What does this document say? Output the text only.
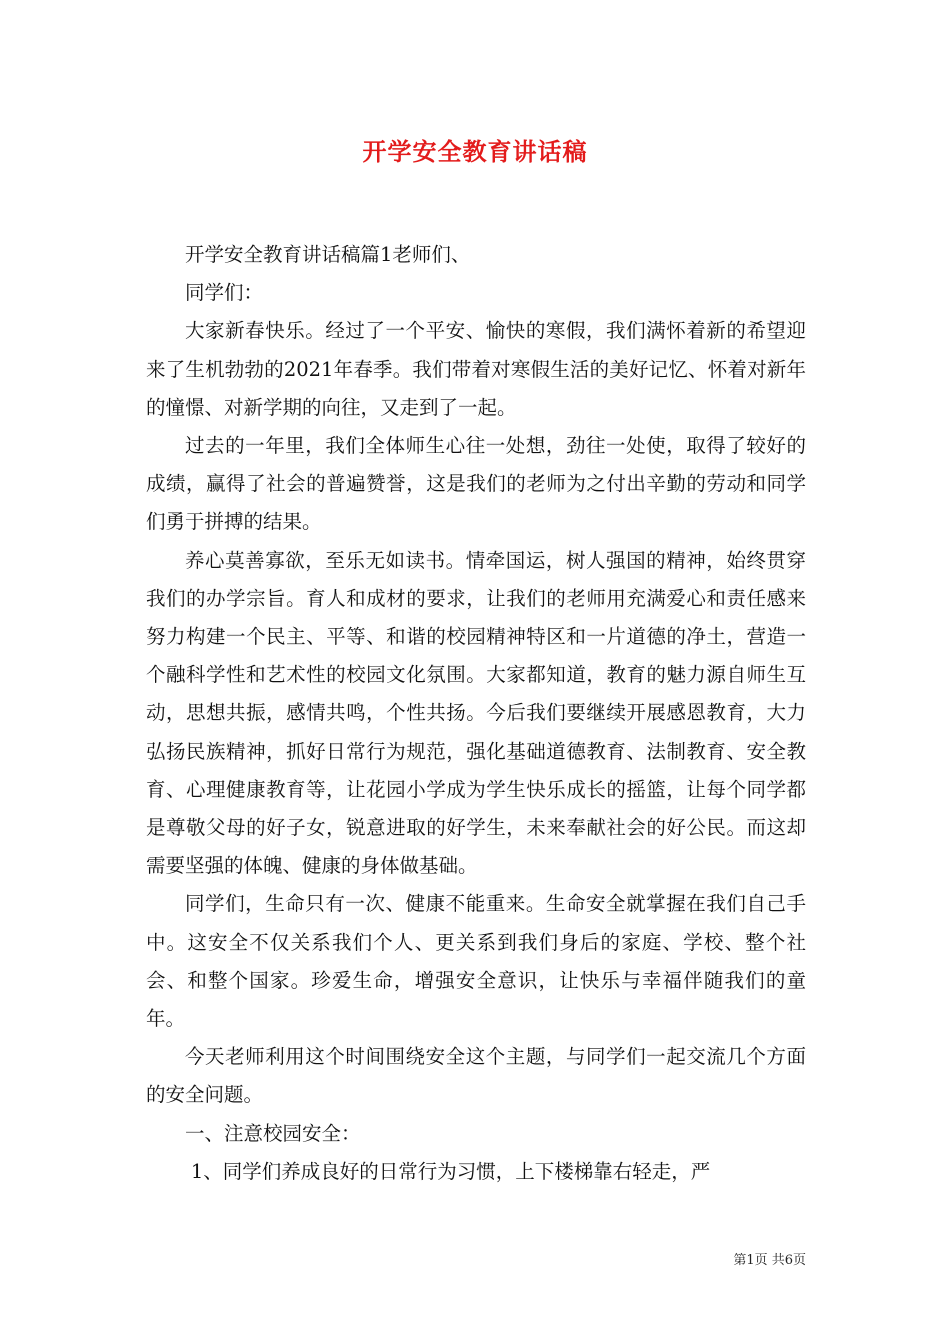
开学安全教育讲话稿

开学安全教育讲话稿篇1老师们、

同学们：

大家新春快乐。经过了一个平安、愉快的寒假，我们满怀着新的希望迎来了生机勃勃的2021年春季。我们带着对寒假生活的美好记忆、怀着对新年的憧憬、对新学期的向往，又走到了一起。

过去的一年里，我们全体师生心往一处想，劲往一处使，取得了较好的成绩，赢得了社会的普遍赞誉，这是我们的老师为之付出辛勤的劳动和同学们勇于拼搏的结果。

养心莫善寡欲，至乐无如读书。情牵国运，树人强国的精神，始终贯穿我们的办学宗旨。育人和成材的要求，让我们的老师用充满爱心和责任感来努力构建一个民主、平等、和谐的校园精神特区和一片道德的净土，营造一个融科学性和艺术性的校园文化氛围。大家都知道，教育的魅力源自师生互动，思想共振，感情共鸣，个性共扬。今后我们要继续开展感恩教育，大力弘扬民族精神，抓好日常行为规范，强化基础道德教育、法制教育、安全教育、心理健康教育等，让花园小学成为学生快乐成长的摇篮，让每个同学都是尊敬父母的好子女，锐意进取的好学生，未来奉献社会的好公民。而这却需要坚强的体魄、健康的身体做基础。

同学们，生命只有一次、健康不能重来。生命安全就掌握在我们自己手中。这安全不仅关系我们个人、更关系到我们身后的家庭、学校、整个社会、和整个国家。珍爱生命，增强安全意识，让快乐与幸福伴随我们的童年。

今天老师利用这个时间围绕安全这个主题，与同学们一起交流几个方面的安全问题。

一、注意校园安全：

1、同学们养成良好的日常行为习惯，上下楼梯靠右轻走，严

第1页 共6页
